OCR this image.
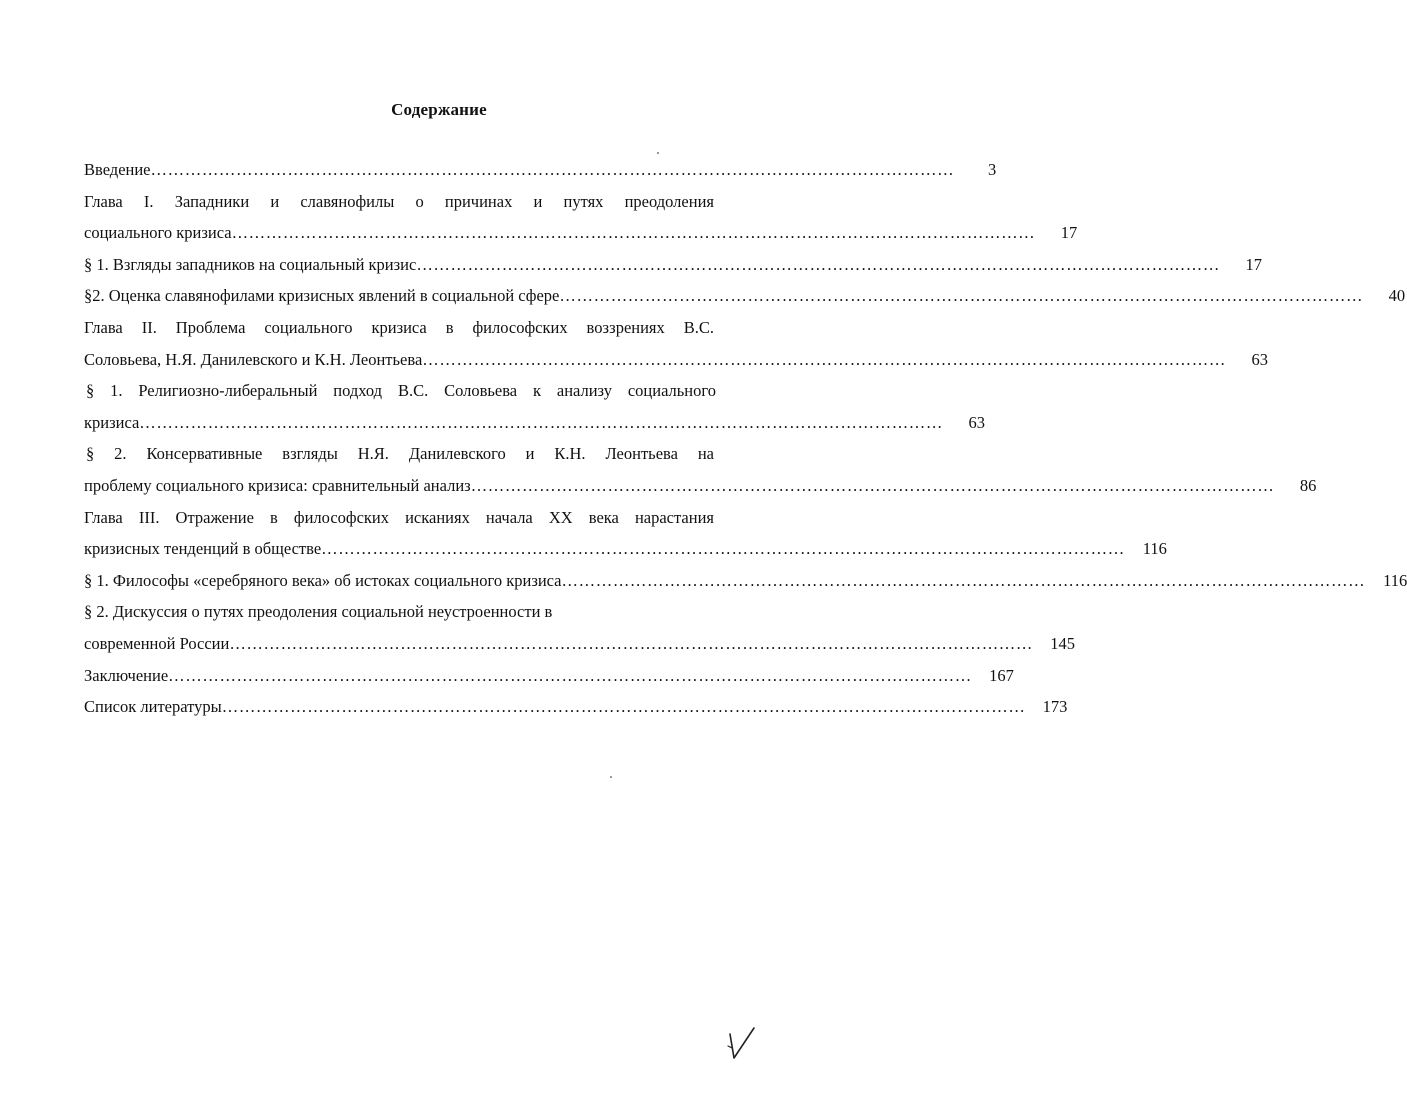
Содержание
Введение ……………………………………………………………………………………………………………………………	3
Глава I. Западники и славянофилы о причинах и путях преодоления
социального кризиса ……………………………………………………………………………………………………………………………	17
§ 1. Взгляды западников на социальный кризис ……………………………………………………………………………………………………………………………	17
§2. Оценка славянофилами кризисных явлений в социальной сфере ……………………………………………………………………………………………………………………………	40
Глава II. Проблема социального кризиса в философских воззрениях В.С.
Соловьева, Н.Я. Данилевского и К.Н. Леонтьева ……………………………………………………………………………………………………………………………	63
§ 1. Религиозно-либеральный подход В.С. Соловьева к анализу социального
кризиса ……………………………………………………………………………………………………………………………	63
§ 2. Консервативные взгляды Н.Я. Данилевского и К.Н. Леонтьева на
проблему социального кризиса: сравнительный анализ ……………………………………………………………………………………………………………………………	86
Глава III. Отражение в философских исканиях начала XX века нарастания
кризисных тенденций в обществе ……………………………………………………………………………………………………………………………	116
§ 1. Философы «серебряного века» об истоках социального кризиса ……………………………………………………………………………………………………………………………	116
§ 2. Дискуссия о путях преодоления социальной неустроенности в
современной России ……………………………………………………………………………………………………………………………	145
Заключение ……………………………………………………………………………………………………………………………	167
Список литературы ……………………………………………………………………………………………………………………………	173
